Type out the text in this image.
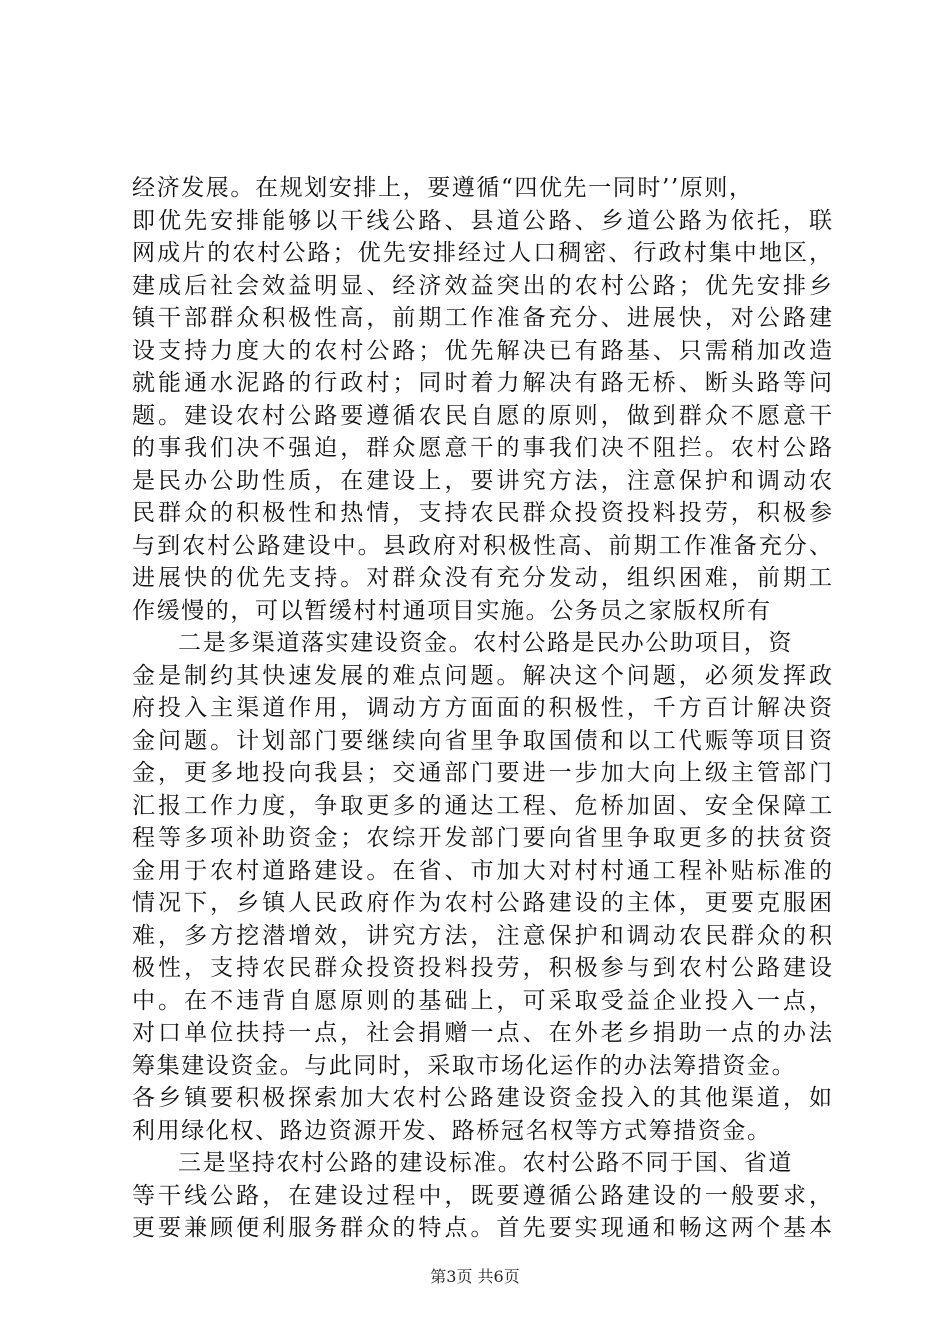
经济发展。在规划安排上，要遵循“四优先一同时’’原则，
即优先安排能够以干线公路、县道公路、乡道公路为依托，联
网成片的农村公路；优先安排经过人口稠密、行政村集中地区，
建成后社会效益明显、经济效益突出的农村公路；优先安排乡
镇干部群众积极性高，前期工作准备充分、进展快，对公路建
设支持力度大的农村公路；优先解决已有路基、只需稍加改造
就能通水泥路的行政村；同时着力解决有路无桥、断头路等问
题。建设农村公路要遵循农民自愿的原则，做到群众不愿意干
的事我们决不强迫，群众愿意干的事我们决不阻拦。农村公路
是民办公助性质，在建设上，要讲究方法，注意保护和调动农
民群众的积极性和热情，支持农民群众投资投料投劳，积极参
与到农村公路建设中。县政府对积极性高、前期工作准备充分、
进展快的优先支持。对群众没有充分发动，组织困难，前期工
作缓慢的，可以暂缓村村通项目实施。公务员之家版权所有
二是多渠道落实建设资金。农村公路是民办公助项目，资
金是制约其快速发展的难点问题。解决这个问题，必须发挥政
府投入主渠道作用，调动方方面面的积极性，千方百计解决资
金问题。计划部门要继续向省里争取国债和以工代赈等项目资
金，更多地投向我县；交通部门要进一步加大向上级主管部门
汇报工作力度，争取更多的通达工程、危桥加固、安全保障工
程等多项补助资金；农综开发部门要向省里争取更多的扶贫资
金用于农村道路建设。在省、市加大对村村通工程补贴标准的
情况下，乡镇人民政府作为农村公路建设的主体，更要克服困
难，多方挖潜增效，讲究方法，注意保护和调动农民群众的积
极性，支持农民群众投资投料投劳，积极参与到农村公路建设
中。在不违背自愿原则的基础上，可采取受益企业投入一点，
对口单位扶持一点，社会捐赠一点、在外老乡捐助一点的办法
筹集建设资金。与此同时，采取市场化运作的办法筹措资金。
各乡镇要积极探索加大农村公路建设资金投入的其他渠道，如
利用绿化权、路边资源开发、路桥冠名权等方式筹措资金。
三是坚持农村公路的建设标准。农村公路不同于国、省道
等干线公路，在建设过程中，既要遵循公路建设的一般要求，
更要兼顾便利服务群众的特点。首先要实现通和畅这两个基本
第3页 共6页
